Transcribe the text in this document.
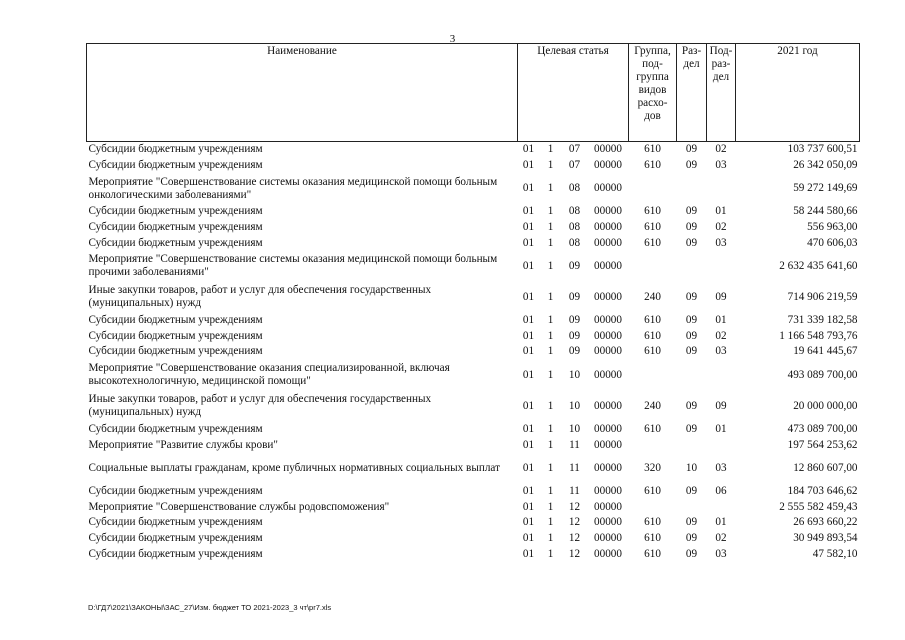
3
Наименование	Целевая статья				Группа, под-группа видов расхо-дов	Раз-дел	Под-раз-дел	2021 год
Субсидии бюджетным учреждениям	01	1	07	00000	610	09	02	103 737 600,51
Субсидии бюджетным учреждениям	01	1	07	00000	610	09	03	26 342 050,09
Мероприятие "Совершенствование системы оказания медицинской помощи больным онкологическими заболеваниями"	01	1	08	00000				59 272 149,69
Субсидии бюджетным учреждениям	01	1	08	00000	610	09	01	58 244 580,66
Субсидии бюджетным учреждениям	01	1	08	00000	610	09	02	556 963,00
Субсидии бюджетным учреждениям	01	1	08	00000	610	09	03	470 606,03
Мероприятие "Совершенствование системы оказания медицинской помощи больным прочими заболеваниями"	01	1	09	00000				2 632 435 641,60
Иные закупки товаров, работ и услуг для обеспечения государственных (муниципальных) нужд	01	1	09	00000	240	09	09	714 906 219,59
Субсидии бюджетным учреждениям	01	1	09	00000	610	09	01	731 339 182,58
Субсидии бюджетным учреждениям	01	1	09	00000	610	09	02	1 166 548 793,76
Субсидии бюджетным учреждениям	01	1	09	00000	610	09	03	19 641 445,67
Мероприятие "Совершенствование оказания специализированной, включая высокотехнологичную, медицинской помощи"	01	1	10	00000				493 089 700,00
Иные закупки товаров, работ и услуг для обеспечения государственных (муниципальных) нужд	01	1	10	00000	240	09	09	20 000 000,00
Субсидии бюджетным учреждениям	01	1	10	00000	610	09	01	473 089 700,00
Мероприятие "Развитие службы крови"	01	1	11	00000				197 564 253,62
Социальные выплаты гражданам, кроме публичных нормативных социальных выплат	01	1	11	00000	320	10	03	12 860 607,00
Субсидии бюджетным учреждениям	01	1	11	00000	610	09	06	184 703 646,62
Мероприятие "Совершенствование службы родовспоможения"	01	1	12	00000				2 555 582 459,43
Субсидии бюджетным учреждениям	01	1	12	00000	610	09	01	26 693 660,22
Субсидии бюджетным учреждениям	01	1	12	00000	610	09	02	30 949 893,54
Субсидии бюджетным учреждениям	01	1	12	00000	610	09	03	47 582,10
D:\ГД7\2021\ЗАКОНЫ\ЗАС_27\Изм. бюджет ТО 2021-2023_3 чт\pr7.xls
